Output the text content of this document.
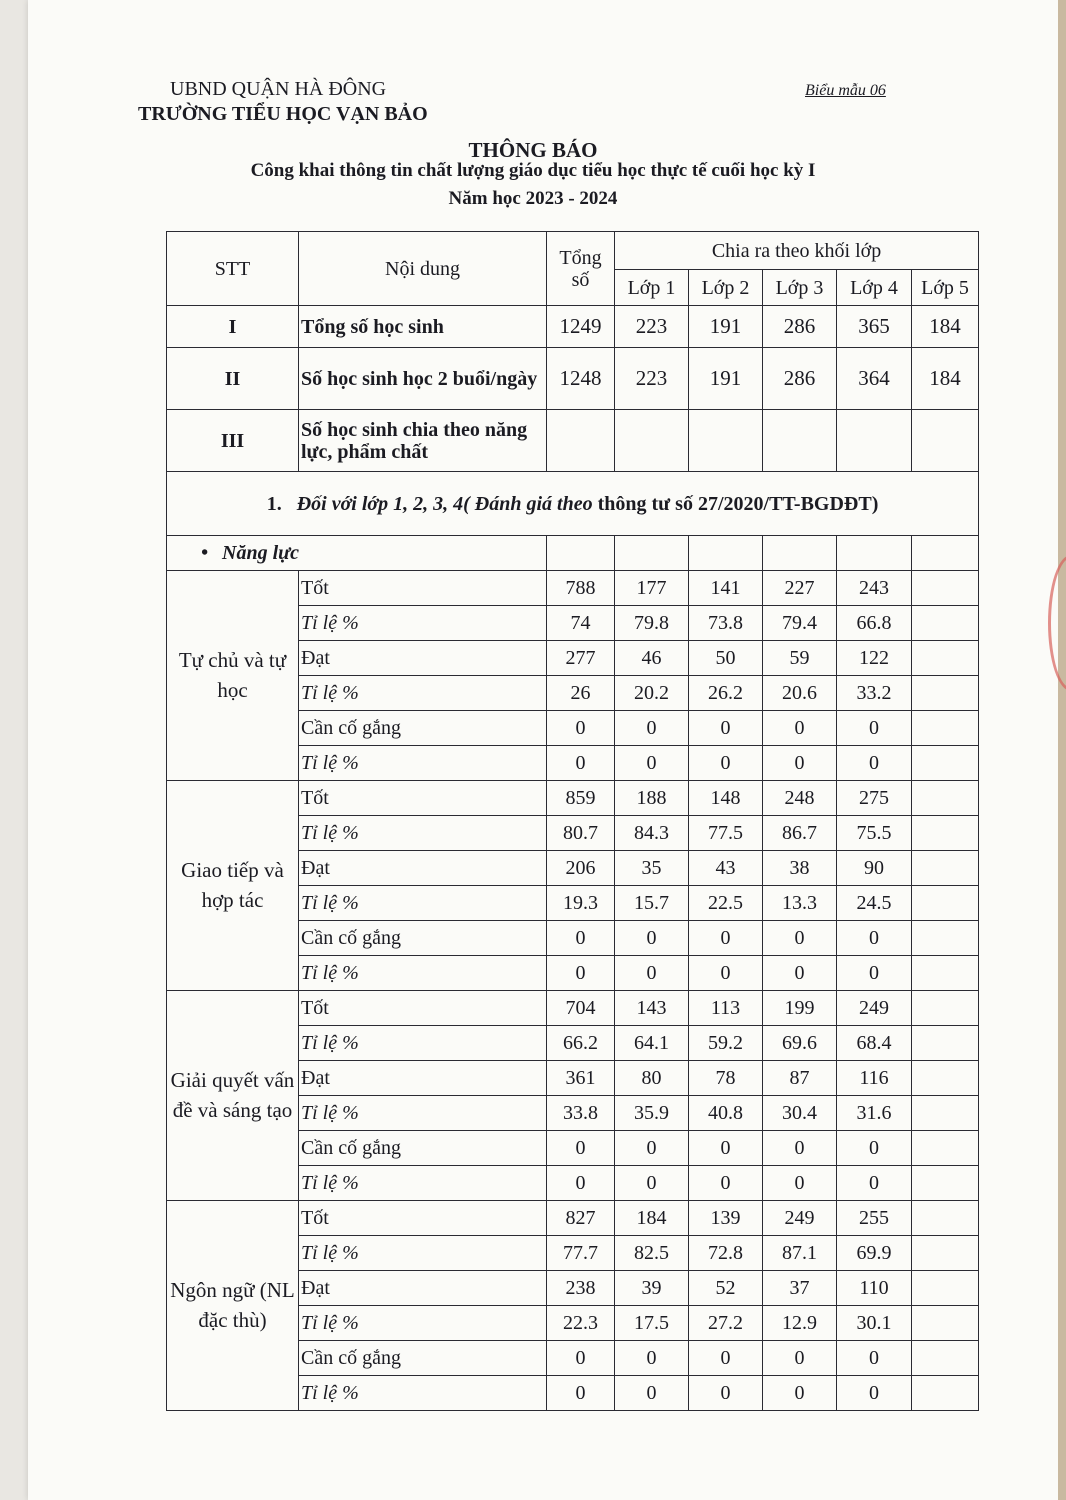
UBND QUẬN HÀ ĐÔNG
TRƯỜNG TIỂU HỌC VẠN BẢO
Biểu mẫu 06
THÔNG BÁO
Công khai thông tin chất lượng giáo dục tiểu học thực tế cuối học kỳ I
Năm học 2023 - 2024
STT	Nội dung	Tổng số	Chia ra theo khối lớp				
			Lớp 1	Lớp 2	Lớp 3	Lớp 4	Lớp 5
I	Tổng số học sinh	1249	223	191	286	365	184
II	Số học sinh học 2 buổi/ngày	1248	223	191	286	364	184
III	Số học sinh chia theo năng lực, phẩm chất						
1. Đối với lớp 1, 2, 3, 4( Đánh giá theo thông tư số 27/2020/TT-BGDĐT)							
• Năng lực						
Tự chủ và tự học	Tốt	788	177	141	227	243	
	Tỉ lệ %	74	79.8	73.8	79.4	66.8	
	Đạt	277	46	50	59	122	
	Tỉ lệ %	26	20.2	26.2	20.6	33.2	
	Cần cố gắng	0	0	0	0	0	
	Tỉ lệ %	0	0	0	0	0	
Giao tiếp và hợp tác	Tốt	859	188	148	248	275	
	Tỉ lệ %	80.7	84.3	77.5	86.7	75.5	
	Đạt	206	35	43	38	90	
	Tỉ lệ %	19.3	15.7	22.5	13.3	24.5	
	Cần cố gắng	0	0	0	0	0	
	Tỉ lệ %	0	0	0	0	0	
Giải quyết vấn đề và sáng tạo	Tốt	704	143	113	199	249	
	Tỉ lệ %	66.2	64.1	59.2	69.6	68.4	
	Đạt	361	80	78	87	116	
	Tỉ lệ %	33.8	35.9	40.8	30.4	31.6	
	Cần cố gắng	0	0	0	0	0	
	Tỉ lệ %	0	0	0	0	0	
Ngôn ngữ (NL đặc thù)	Tốt	827	184	139	249	255	
	Tỉ lệ %	77.7	82.5	72.8	87.1	69.9	
	Đạt	238	39	52	37	110	
	Tỉ lệ %	22.3	17.5	27.2	12.9	30.1	
	Cần cố gắng	0	0	0	0	0	
	Tỉ lệ %	0	0	0	0	0	
